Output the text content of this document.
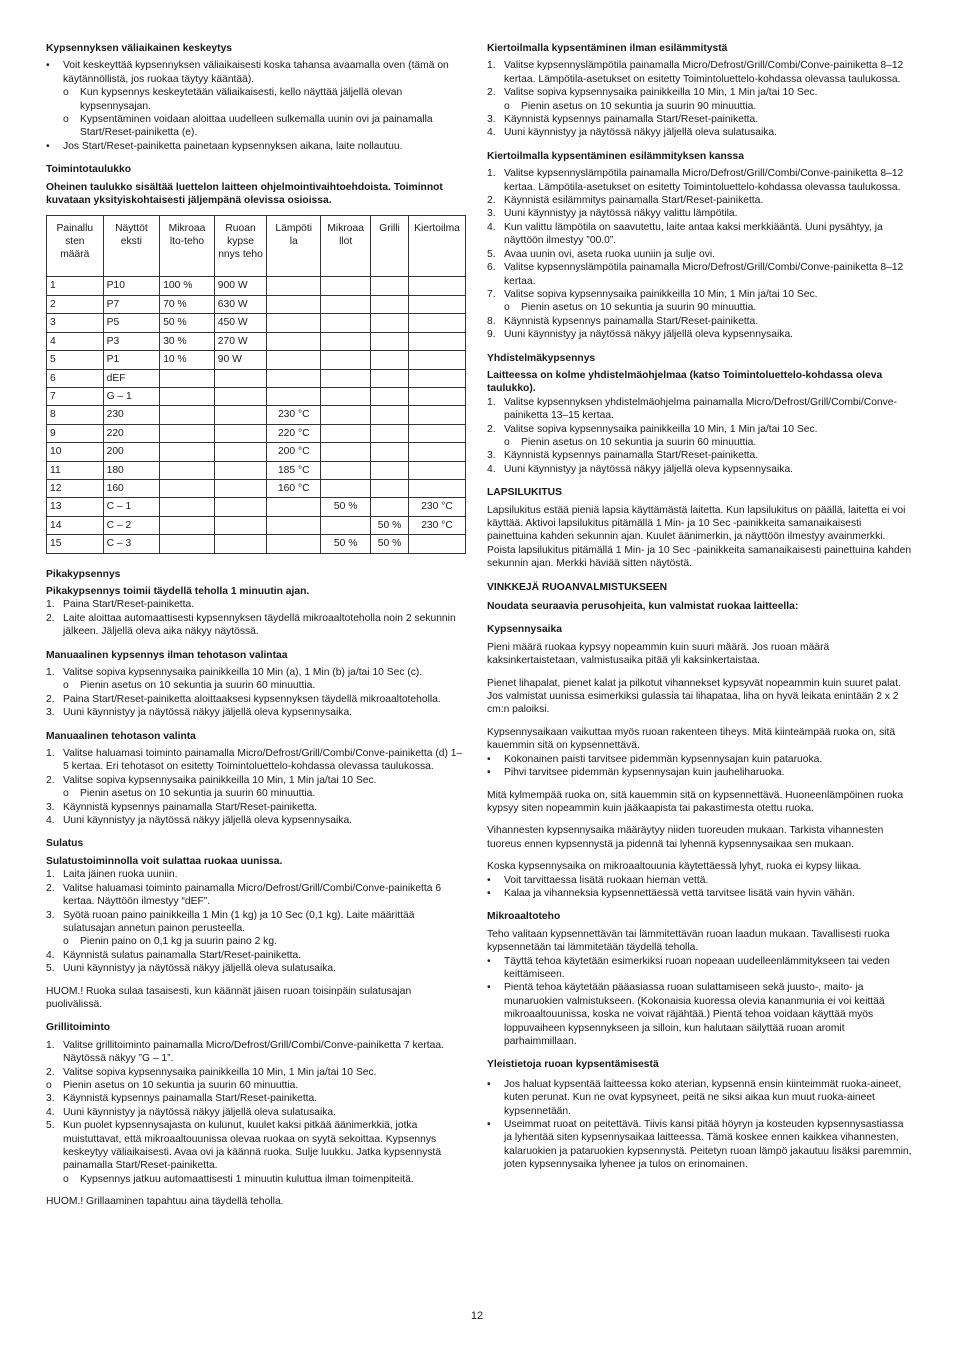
Kypsennyksen väliaikainen keskeytys
• Voit keskeyttää kypsennyksen väliaikaisesti koska tahansa avaamalla oven (tämä on käytännöllistä, jos ruokaa täytyy kääntää).
o Kun kypsennys keskeytetään väliaikaisesti, kello näyttää jäljellä olevan kypsennysajan.
o Kypsentäminen voidaan aloittaa uudelleen sulkemalla uunin ovi ja painamalla Start/Reset-painiketta (e).
• Jos Start/Reset-painiketta painetaan kypsennyksen aikana, laite nollautuu.
Toimintotaulukko

Oheinen taulukko sisältää luettelon laitteen ohjelmointivaihtoehdoista. Toiminnot kuvataan yksityiskohtaisesti jäljempänä olevissa osioissa.

Painallu sten määrä	Näyttöt eksti	Mikroaa lto-teho	Ruoan kypse nnys teho	Lämpöti la	Mikroaa llot	Grilli	Kiertoilma
1	P10	100 %	900 W				
2	P7	70 %	630 W				
3	P5	50 %	450 W				
4	P3	30 %	270 W				
5	P1	10 %	90 W				
6	dEF						
7	G – 1						
8	230			230 °C			
9	220			220 °C			
10	200			200 °C			
11	180			185 °C			
12	160			160 °C			
13	C – 1				50 %		230 °C
14	C – 2					50 %	230 °C
15	C – 3				50 %	50 %	
Pikakypsennys

Pikakypsennys toimii täydellä teholla 1 minuutin ajan.

1. Paina Start/Reset-painiketta.
2. Laite aloittaa automaattisesti kypsennyksen täydellä mikroaaltoteholla noin 2 sekunnin jälkeen. Jäljellä oleva aika näkyy näytössä.
Manuaalinen kypsennys ilman tehotason valintaa
1. Valitse sopiva kypsennysaika painikkeilla 10 Min (a), 1 Min (b) ja/tai 10 Sec (c).
o Pienin asetus on 10 sekuntia ja suurin 60 minuuttia.
2. Paina Start/Reset-painiketta aloittaaksesi kypsennyksen täydellä mikroaaltoteholla.
3. Uuni käynnistyy ja näytössä näkyy jäljellä oleva kypsennysaika.
Manuaalinen tehotason valinta
1. Valitse haluamasi toiminto painamalla Micro/Defrost/Grill/Combi/Conve-painiketta (d) 1–5 kertaa. Eri tehotasot on esitetty Toimintoluettelo-kohdassa olevassa taulukossa.
2. Valitse sopiva kypsennysaika painikkeilla 10 Min, 1 Min ja/tai 10 Sec.
o Pienin asetus on 10 sekuntia ja suurin 60 minuuttia.
3. Käynnistä kypsennys painamalla Start/Reset-painiketta.
4. Uuni käynnistyy ja näytössä näkyy jäljellä oleva kypsennysaika.
Sulatus

Sulatustoiminnolla voit sulattaa ruokaa uunissa.

1. Laita jäinen ruoka uuniin.
2. Valitse haluamasi toiminto painamalla Micro/Defrost/Grill/Combi/Conve-painiketta 6 kertaa. Näyttöön ilmestyy “dEF”.
3. Syötä ruoan paino painikkeilla 1 Min (1 kg) ja 10 Sec (0,1 kg). Laite määrittää sulatusajan annetun painon perusteella.
o Pienin paino on 0,1 kg ja suurin paino 2 kg.
4. Käynnistä sulatus painamalla Start/Reset-painiketta.
5. Uuni käynnistyy ja näytössä näkyy jäljellä oleva sulatusaika.

HUOM.! Ruoka sulaa tasaisesti, kun käännät jäisen ruoan toisinpäin sulatusajan puolivälissä.

Grillitoiminto
1. Valitse grillitoiminto painamalla Micro/Defrost/Grill/Combi/Conve-painiketta 7 kertaa. Näytössä näkyy ”G – 1”.
2. Valitse sopiva kypsennysaika painikkeilla 10 Min, 1 Min ja/tai 10 Sec.
o Pienin asetus on 10 sekuntia ja suurin 60 minuuttia.
3. Käynnistä kypsennys painamalla Start/Reset-painiketta.
4. Uuni käynnistyy ja näytössä näkyy jäljellä oleva sulatusaika.
5. Kun puolet kypsennysajasta on kulunut, kuulet kaksi pitkää äänimerkkiä, jotka muistuttavat, että mikroaaltouunissa olevaa ruokaa on syytä sekoittaa. Kypsennys keskeytyy väliaikaisesti. Avaa ovi ja käännä ruoka. Sulje luukku. Jatka kypsennystä painamalla Start/Reset-painiketta.
o Kypsennys jatkuu automaattisesti 1 minuutin kuluttua ilman toimenpiteitä.

HUOM.! Grillaaminen tapahtuu aina täydellä teholla.

Kiertoilmalla kypsentäminen ilman esilämmitystä
1. Valitse kypsennyslämpötila painamalla Micro/Defrost/Grill/Combi/Conve-painiketta 8–12 kertaa. Lämpötila-asetukset on esitetty Toimintoluettelo-kohdassa olevassa taulukossa.
2. Valitse sopiva kypsennysaika painikkeilla 10 Min, 1 Min ja/tai 10 Sec.
o Pienin asetus on 10 sekuntia ja suurin 90 minuuttia.
3. Käynnistä kypsennys painamalla Start/Reset-painiketta.
4. Uuni käynnistyy ja näytössä näkyy jäljellä oleva sulatusaika.
Kiertoilmalla kypsentäminen esilämmityksen kanssa
1. Valitse kypsennyslämpötila painamalla Micro/Defrost/Grill/Combi/Conve-painiketta 8–12 kertaa. Lämpötila-asetukset on esitetty Toimintoluettelo-kohdassa olevassa taulukossa.
2. Käynnistä esilämmitys painamalla Start/Reset-painiketta.
3. Uuni käynnistyy ja näytössä näkyy valittu lämpötila.
4. Kun valittu lämpötila on saavutettu, laite antaa kaksi merkkiääntä. Uuni pysähtyy, ja näyttöön ilmestyy ”00.0”.
5. Avaa uunin ovi, aseta ruoka uuniin ja sulje ovi.
6. Valitse kypsennyslämpötila painamalla Micro/Defrost/Grill/Combi/Conve-painiketta 8–12 kertaa.
7. Valitse sopiva kypsennysaika painikkeilla 10 Min, 1 Min ja/tai 10 Sec.
o Pienin asetus on 10 sekuntia ja suurin 90 minuuttia.
8. Käynnistä kypsennys painamalla Start/Reset-painiketta.
9. Uuni käynnistyy ja näytössä näkyy jäljellä oleva kypsennysaika.
Yhdistelmäkypsennys

Laitteessa on kolme yhdistelmäohjelmaa (katso Toimintoluettelo-kohdassa oleva taulukko).

1. Valitse kypsennyksen yhdistelmäohjelma painamalla Micro/Defrost/Grill/Combi/Conve-painiketta 13–15 kertaa.
2. Valitse sopiva kypsennysaika painikkeilla 10 Min, 1 Min ja/tai 10 Sec.
o Pienin asetus on 10 sekuntia ja suurin 60 minuuttia.
3. Käynnistä kypsennys painamalla Start/Reset-painiketta.
4. Uuni käynnistyy ja näytössä näkyy jäljellä oleva kypsennysaika.
LAPSILUKITUS

Lapsilukitus estää pieniä lapsia käyttämästä laitetta. Kun lapsilukitus on päällä, laitetta ei voi käyttää. Aktivoi lapsilukitus pitämällä 1 Min- ja 10 Sec -painikkeita samanaikaisesti painettuina kahden sekunnin ajan. Kuulet äänimerkin, ja näyttöön ilmestyy avainmerkki. Poista lapsilukitus pitämällä 1 Min- ja 10 Sec -painikkeita samanaikaisesti painettuina kahden sekunnin ajan. Merkki häviää sitten näytöstä.

VINKKEJÄ RUOANVALMISTUKSEEN

Noudata seuraavia perusohjeita, kun valmistat ruokaa laitteella:

Kypsennysaika

Pieni määrä ruokaa kypsyy nopeammin kuin suuri määrä. Jos ruoan määrä kaksinkertaistetaan, valmistusaika pitää yli kaksinkertaistaa.

Pienet lihapalat, pienet kalat ja pilkotut vihannekset kypsyvät nopeammin kuin suuret palat. Jos valmistat uunissa esimerkiksi gulassia tai lihapataa, liha on hyvä leikata enintään 2 x 2 cm:n paloiksi.

Kypsennysaikaan vaikuttaa myös ruoan rakenteen tiheys. Mitä kiinteämpää ruoka on, sitä kauemmin sitä on kypsennettävä.

• Kokonainen paisti tarvitsee pidemmän kypsennysajan kuin pataruoka.
• Pihvi tarvitsee pidemmän kypsennysajan kuin jauheliharuoka.

Mitä kylmempää ruoka on, sitä kauemmin sitä on kypsennettävä. Huoneenlämpöinen ruoka kypsyy siten nopeammin kuin jääkaapista tai pakastimesta otettu ruoka.

Vihannesten kypsennysaika määräytyy niiden tuoreuden mukaan. Tarkista vihannesten tuoreus ennen kypsennystä ja pidennä tai lyhennä kypsennysaikaa sen mukaan.

Koska kypsennysaika on mikroaaltouunia käytettäessä lyhyt, ruoka ei kypsy liikaa.

• Voit tarvittaessa lisätä ruokaan hieman vettä.
• Kalaa ja vihanneksia kypsennettäessä vettä tarvitsee lisätä vain hyvin vähän.
Mikroaaltoteho

Teho valitaan kypsennettävän tai lämmitettävän ruoan laadun mukaan. Tavallisesti ruoka kypsennetään tai lämmitetään täydellä teholla.

• Täyttä tehoa käytetään esimerkiksi ruoan nopeaan uudelleenlämmitykseen tai veden keittämiseen.
• Pientä tehoa käytetään pääasiassa ruoan sulattamiseen sekä juusto-, maito- ja munaruokien valmistukseen. (Kokonaisia kuoressa olevia kananmunia ei voi keittää mikroaaltouunissa, koska ne voivat räjähtää.) Pientä tehoa voidaan käyttää myös loppuvaiheen kypsennykseen ja silloin, kun halutaan säilyttää ruoan aromit parhaimmillaan.
Yleistietoja ruoan kypsentämisestä
• Jos haluat kypsentää laitteessa koko aterian, kypsennä ensin kiinteimmät ruoka-aineet, kuten perunat. Kun ne ovat kypsyneet, peitä ne siksi aikaa kun muut ruoka-aineet kypsennetään.
• Useimmat ruoat on peitettävä. Tiivis kansi pitää höyryn ja kosteuden kypsennysastiassa ja lyhentää siten kypsennysaikaa laitteessa. Tämä koskee ennen kaikkea vihannesten, kalaruokien ja pataruokien kypsennystä. Peitetyn ruoan lämpö jakautuu lisäksi paremmin, joten kypsennysaika lyhenee ja tulos on erinomainen.
12
